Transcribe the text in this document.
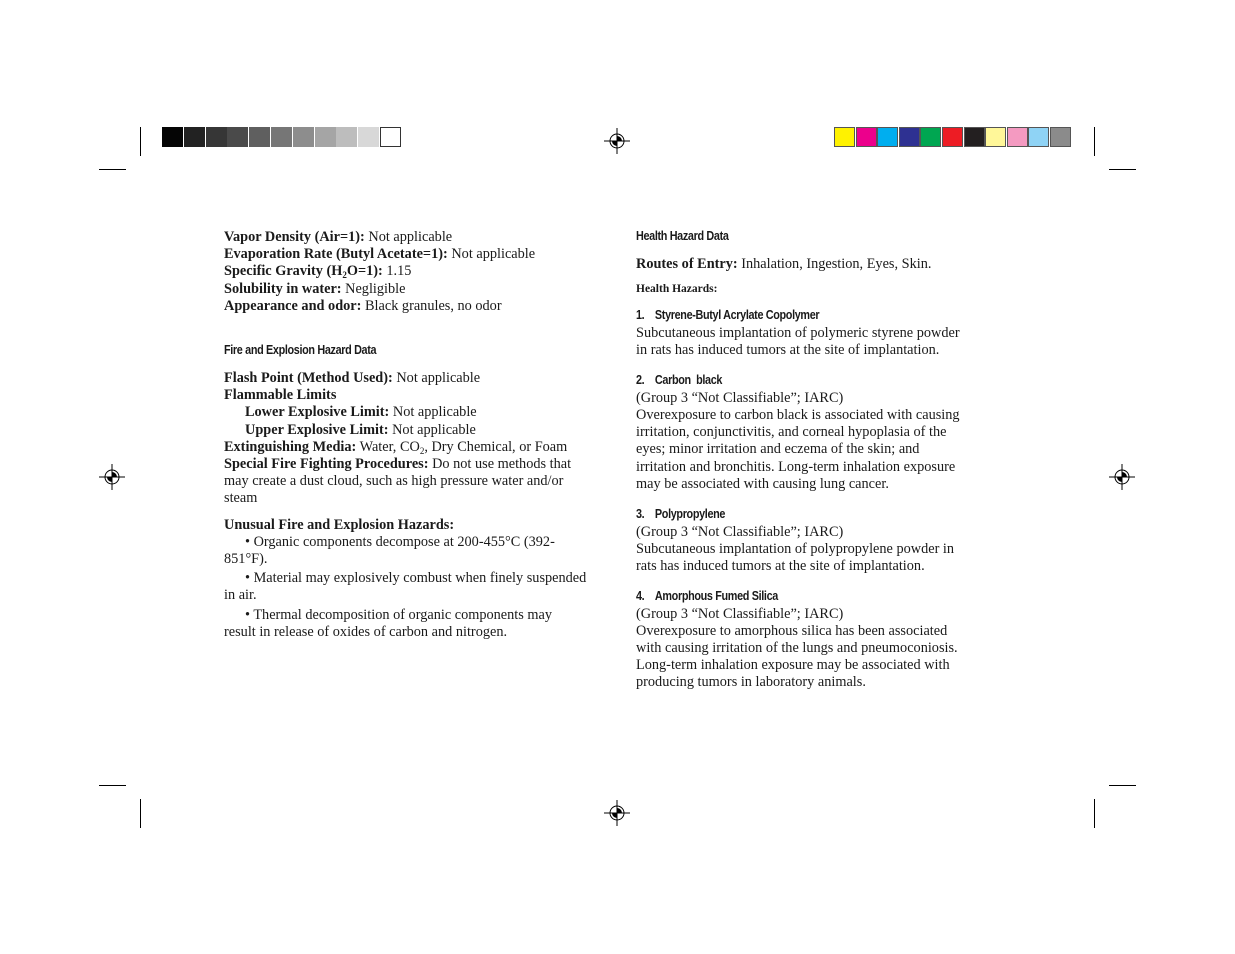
Vapor Density (Air=1): Not applicable

Evaporation Rate (Butyl Acetate=1): Not applicable

Specific Gravity $(H_2O=1)$: 1.15

Solubility in water: Negligible

Appearance and odor: Black granules, no odor

Fire and Explosion Hazard Data

Flash Point (Method Used): Not applicable

Flammable Limits

Lower Explosive Limit: Not applicable

Upper Explosive Limit: Not applicable

Extinguishing Media: Water, $CO_2$, Dry Chemical, or Foam

Special Fire Fighting Procedures: Do not use methods that

may create a dust cloud, such as high pressure water and/or

steam

Unusual Fire and Explosion Hazards:

• Organic components decompose at 200-455°C (392-

851°F).

• Material may explosively combust when finely suspended

in air.

• Thermal decomposition of organic components may

result in release of oxides of carbon and nitrogen.

Health Hazard Data
Routes of Entry: Inhalation, Ingestion, Eyes, Skin.
Health Hazards:
1. Styrene-Butyl Acrylate Copolymer
Subcutaneous implantation of polymeric styrene powder
in rats has induced tumors at the site of implantation.
2. Carbon  black
(Group 3 “Not Classifiable”; IARC)
Overexposure to carbon black is associated with causing
irritation, conjunctivitis, and corneal hypoplasia of the
eyes; minor irritation and eczema of the skin; and
irritation and bronchitis. Long-term inhalation exposure
may be associated with causing lung cancer.
3. Polypropylene
(Group 3 “Not Classifiable”; IARC)
Subcutaneous implantation of polypropylene powder in
rats has induced tumors at the site of implantation.
4. Amorphous Fumed Silica
(Group 3 “Not Classifiable”; IARC)
Overexposure to amorphous silica has been associated
with causing irritation of the lungs and pneumoconiosis.
Long-term inhalation exposure may be associated with
producing tumors in laboratory animals.
